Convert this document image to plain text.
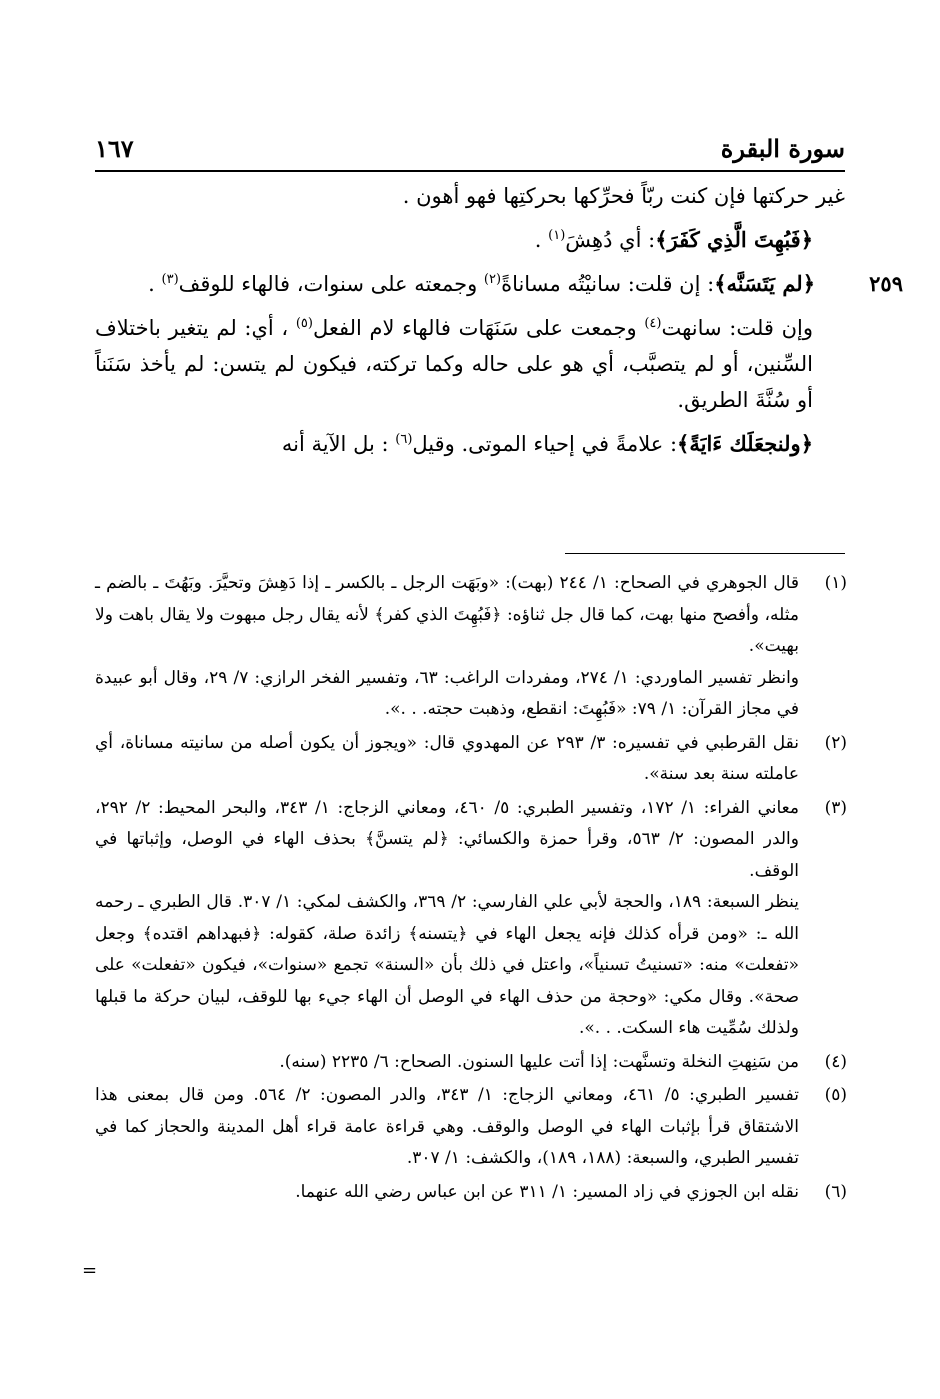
سورة البقرة
١٦٧

غير حركتها فإن كنت ربّاً فحرِّكها بحركتِها فهو أهون .

﴿فَبُهِتَ الَّذِي كَفَرَ﴾: أي دُهِشَ$^{(١)}$ .

٢٥٩
﴿لم يَتَسَنَّه﴾: إن قلت: سانيْتُه مساناةً$^{(٢)}$ وجمعته على سنوات، فالهاء للوقف$^{(٣)}$ .

وإن قلت: سانهت$^{(٤)}$ وجمعت على سَنَهَات فالهاء لام الفعل$^{(٥)}$ ، أي: لم يتغير باختلاف السِّنين، أو لم يتصبَّب، أي هو على حاله وكما تركته، فيكون لم يتسن: لم يأخذ سَنَناً أو سُنَّةَ الطريق.

﴿ولنجعَلَك ءَايَةً﴾: علامةً في إحياء الموتى. وقيل$^{(٦)}$ : بل الآية أنه

(١)

قال الجوهري في الصحاح: ١/ ٢٤٤ (بهت): «وبَهَت الرجل ـ بالكسر ـ إذا دَهِشَ وتحيَّرَ. وبَهُتَ ـ بالضم ـ مثله، وأفصح منها بهت، كما قال جل ثناؤه: ﴿فَبُهِتَ الذي كفر﴾ لأنه يقال رجل مبهوت ولا يقال باهت ولا بهيت».

وانظر تفسير الماوردي: ١/ ٢٧٤، ومفردات الراغب: ٦٣، وتفسير الفخر الرازي: ٧/ ٢٩، وقال أبو عبيدة في مجاز القرآن: ١/ ٧٩: «فَبُهِتَ: انقطع، وذهبت حجته. . .».

(٢)

نقل القرطبي في تفسيره: ٣/ ٢٩٣ عن المهدوي قال: «ويجوز أن يكون أصله من سانيته مساناة، أي عاملته سنة بعد سنة».

(٣)

معاني الفراء: ١/ ١٧٢، وتفسير الطبري: ٥/ ٤٦٠، ومعاني الزجاج: ١/ ٣٤٣، والبحر المحيط: ٢/ ٢٩٢، والدر المصون: ٢/ ٥٦٣، وقرأ حمزة والكسائي: ﴿لم يتسنَّ﴾ بحذف الهاء في الوصل، وإثباتها في الوقف.

ينظر السبعة: ١٨٩، والحجة لأبي علي الفارسي: ٢/ ٣٦٩، والكشف لمكي: ١/ ٣٠٧. قال الطبري ـ رحمه الله ـ: «ومن قرأه كذلك فإنه يجعل الهاء في ﴿يتسنه﴾ زائدة صلة، كقوله: ﴿فبهداهم اقتده﴾ وجعل «تفعلت» منه: «تسنيتُ تسنياً»، واعتل في ذلك بأن «السنة» تجمع «سنوات»، فيكون «تفعلت» على صحة». وقال مكي: «وحجة من حذف الهاء في الوصل أن الهاء جيء بها للوقف، لبيان حركة ما قبلها ولذلك سُمِّيت هاء السكت. . .».

(٤)

من سَنِهتِ النخلة وتسنَّهت: إذا أتت عليها السنون. الصحاح: ٦/ ٢٢٣٥ (سنه).

(٥)

تفسير الطبري: ٥/ ٤٦١، ومعاني الزجاج: ١/ ٣٤٣، والدر المصون: ٢/ ٥٦٤. ومن قال بمعنى هذا الاشتقاق قرأ بإثبات الهاء في الوصل والوقف. وهي قراءة عامة قراء أهل المدينة والحجاز كما في تفسير الطبري، والسبعة: (١٨٨، ١٨٩)، والكشف: ١/ ٣٠٧.

(٦)

نقله ابن الجوزي في زاد المسير: ١/ ٣١١ عن ابن عباس رضي الله عنهما.

=
